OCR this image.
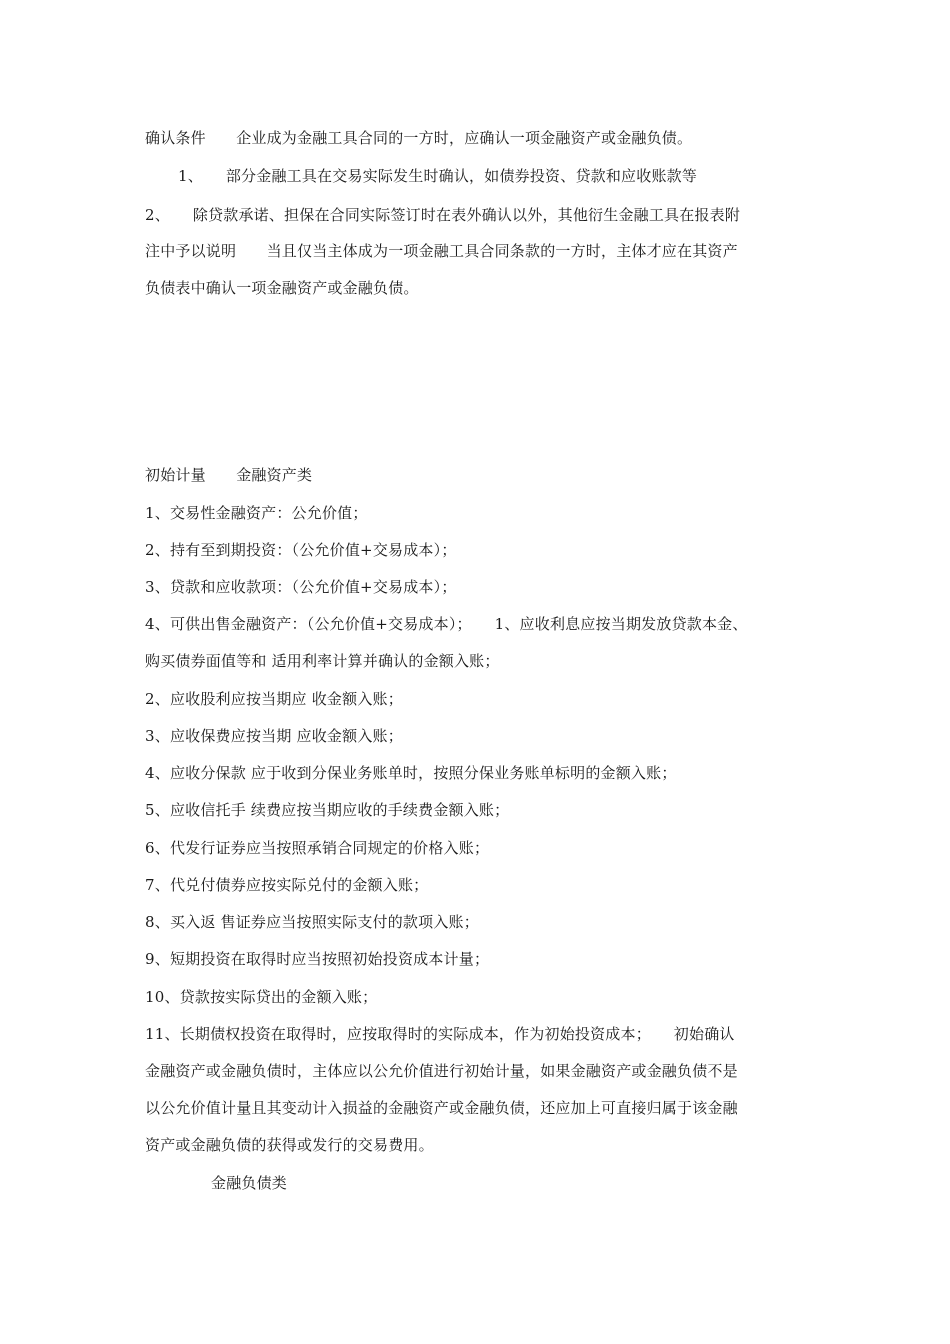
确认条件　　企业成为金融工具合同的一方时，应确认一项金融资产或金融负债。
1、　　部分金融工具在交易实际发生时确认，如债券投资、贷款和应收账款等
2、　　除贷款承诺、担保在合同实际签订时在表外确认以外，其他衍生金融工具在报表附
注中予以说明　　当且仅当主体成为一项金融工具合同条款的一方时，主体才应在其资产
负债表中确认一项金融资产或金融负债。
初始计量　　金融资产类
1、交易性金融资产：公允价值；
2、持有至到期投资：（公允价值+交易成本）；
3、贷款和应收款项：（公允价值+交易成本）；
4、可供出售金融资产：（公允价值+交易成本）；　　1、应收利息应按当期发放贷款本金、
购买债券面值等和 适用利率计算并确认的金额入账；
2、应收股利应按当期应 收金额入账；
3、应收保费应按当期 应收金额入账；
4、应收分保款 应于收到分保业务账单时，按照分保业务账单标明的金额入账；
5、应收信托手 续费应按当期应收的手续费金额入账；
6、代发行证券应当按照承销合同规定的价格入账；
7、代兑付债券应按实际兑付的金额入账；
8、买入返 售证券应当按照实际支付的款项入账；
9、短期投资在取得时应当按照初始投资成本计量；
10、贷款按实际贷出的金额入账；
11、长期债权投资在取得时，应按取得时的实际成本，作为初始投资成本；　　初始确认
金融资产或金融负债时，主体应以公允价值进行初始计量，如果金融资产或金融负债不是
以公允价值计量且其变动计入损益的金融资产或金融负债，还应加上可直接归属于该金融
资产或金融负债的获得或发行的交易费用。
金融负债类
